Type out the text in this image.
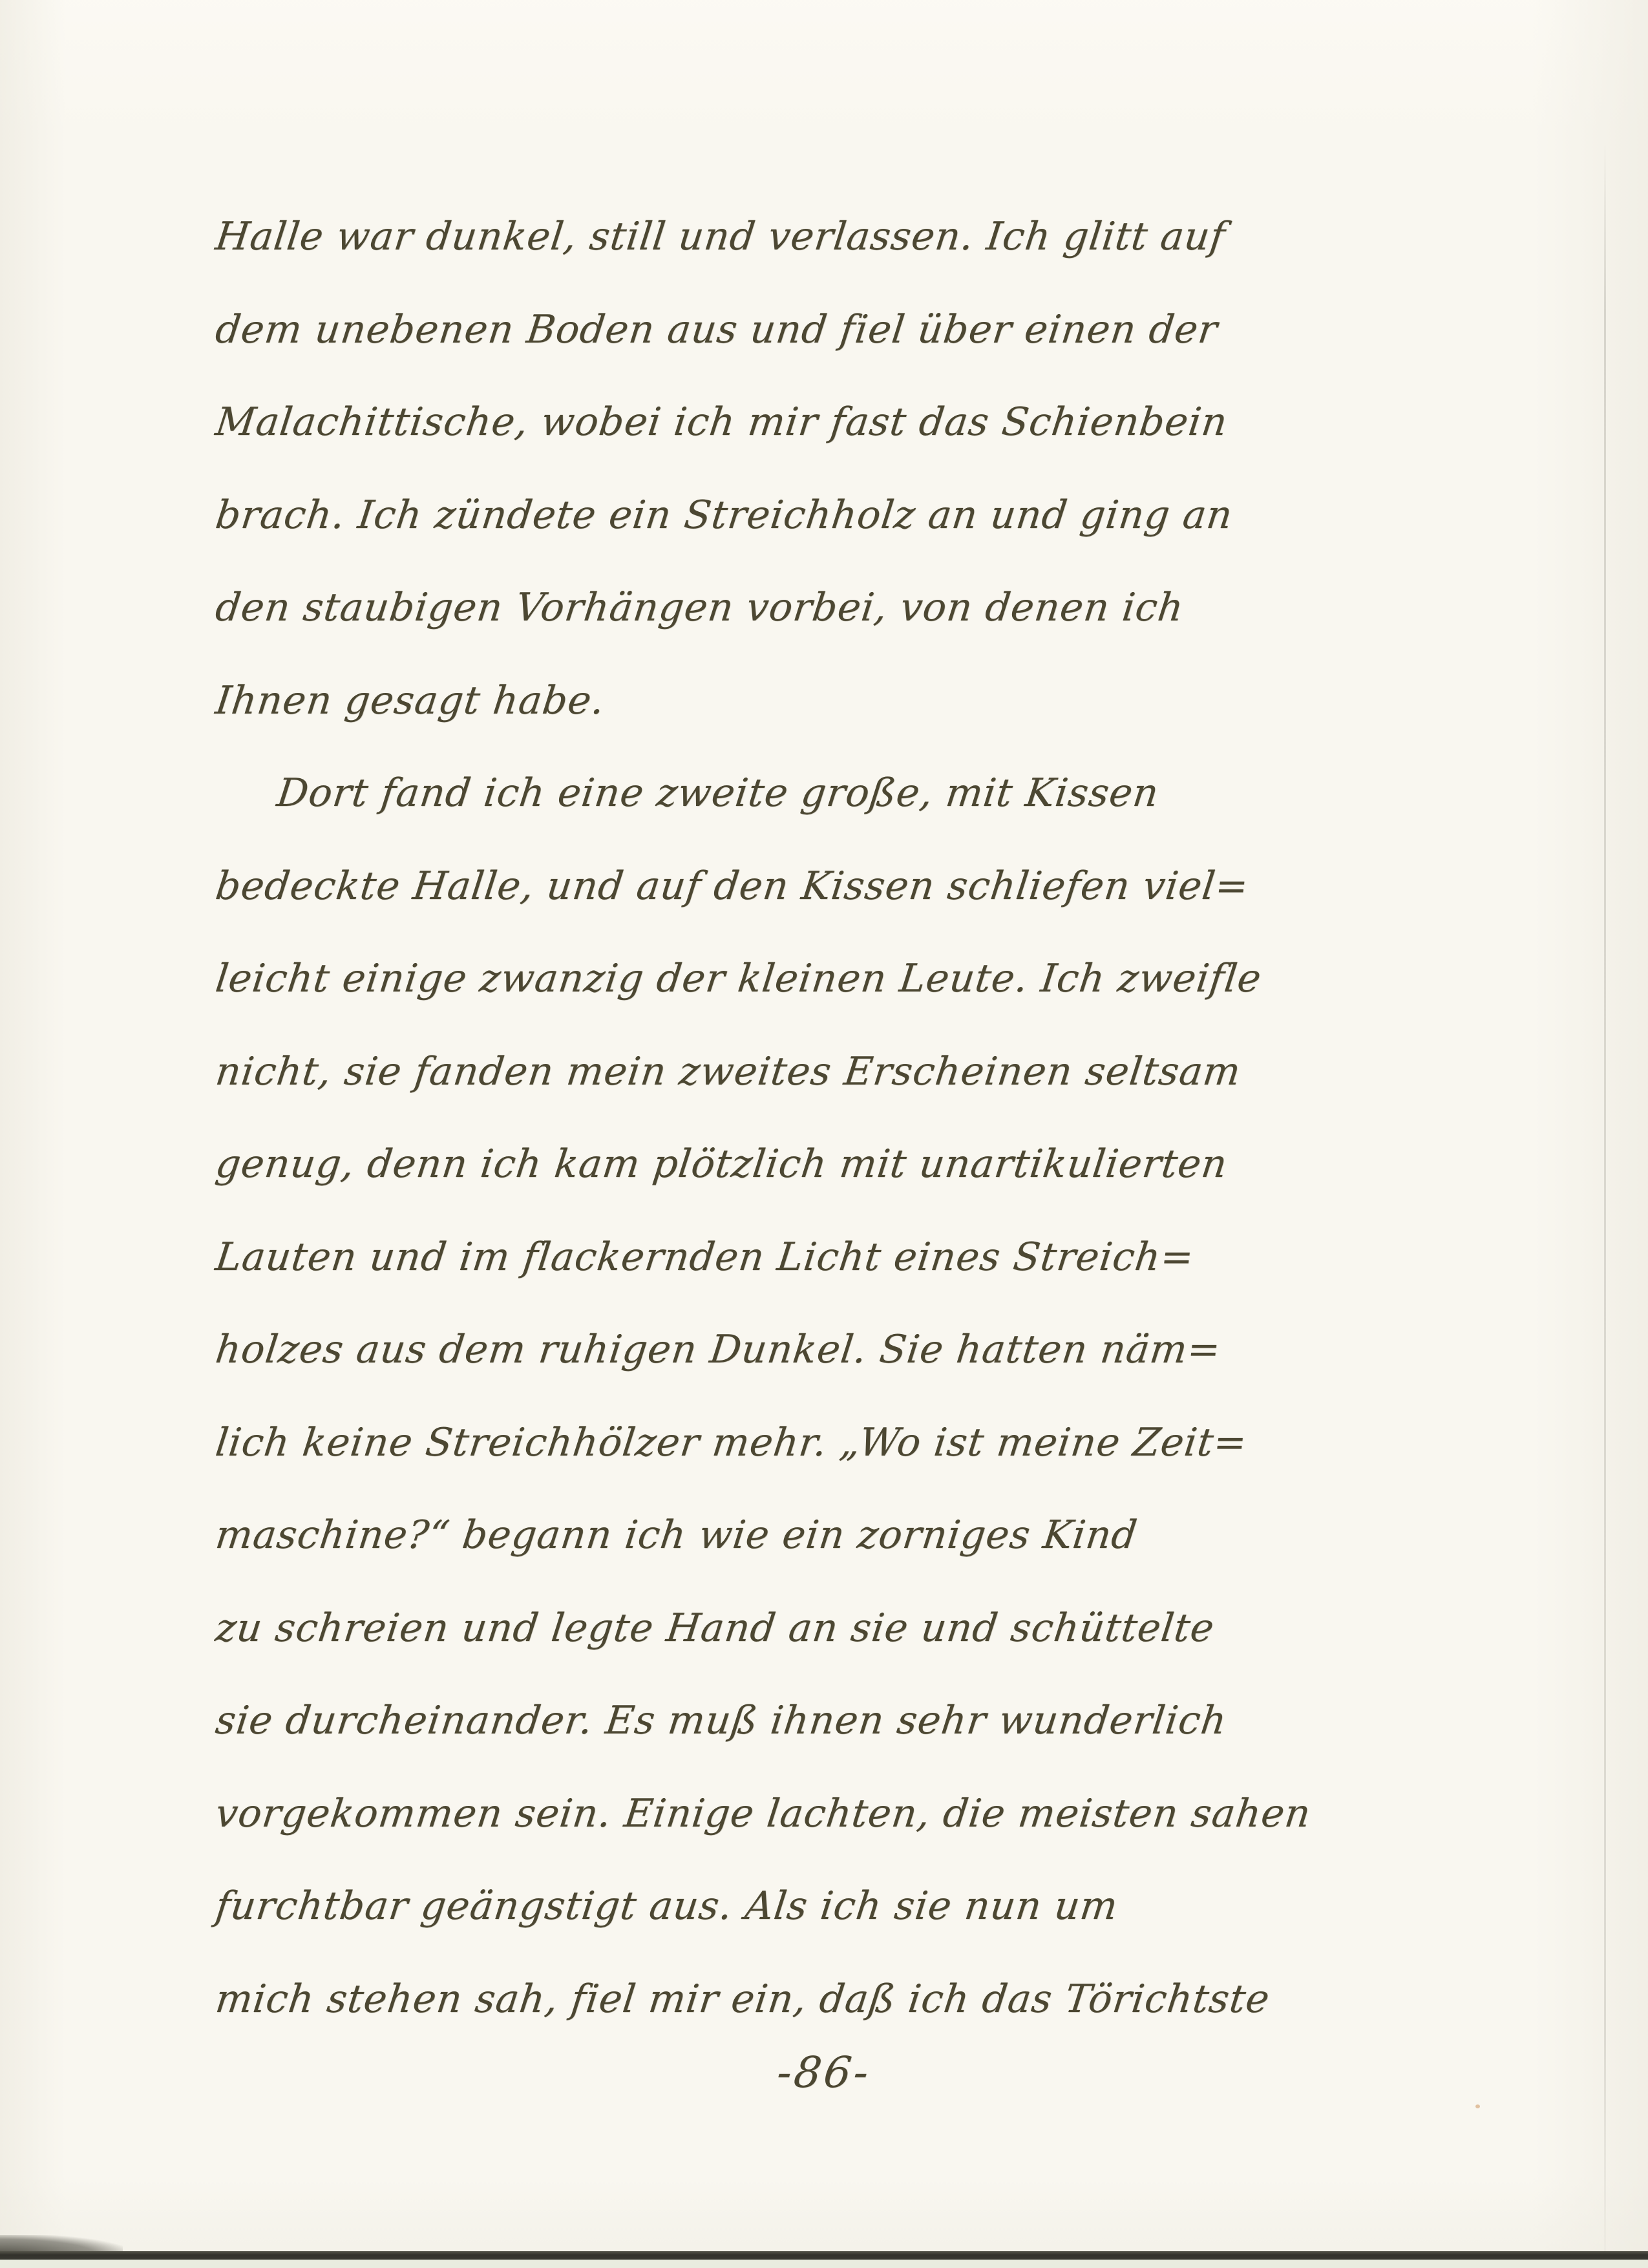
Halle war dunkel, still und verlassen. Ich glitt auf
dem unebenen Boden aus und fiel über einen der
Malachittische, wobei ich mir fast das Schienbein
brach. Ich zündete ein Streichholz an und ging an
den staubigen Vorhängen vorbei, von denen ich
Ihnen gesagt habe.
Dort fand ich eine zweite große, mit Kissen
bedeckte Halle, und auf den Kissen schliefen viel=
leicht einige zwanzig der kleinen Leute. Ich zweifle
nicht, sie fanden mein zweites Erscheinen seltsam
genug, denn ich kam plötzlich mit unartikulierten
Lauten und im flackernden Licht eines Streich=
holzes aus dem ruhigen Dunkel. Sie hatten näm=
lich keine Streichhölzer mehr. „Wo ist meine Zeit=
maschine?“ begann ich wie ein zorniges Kind
zu schreien und legte Hand an sie und schüttelte
sie durcheinander. Es muß ihnen sehr wunderlich
vorgekommen sein. Einige lachten, die meisten sahen
furchtbar geängstigt aus. Als ich sie nun um
mich stehen sah, fiel mir ein, daß ich das Törichtste
-86-
